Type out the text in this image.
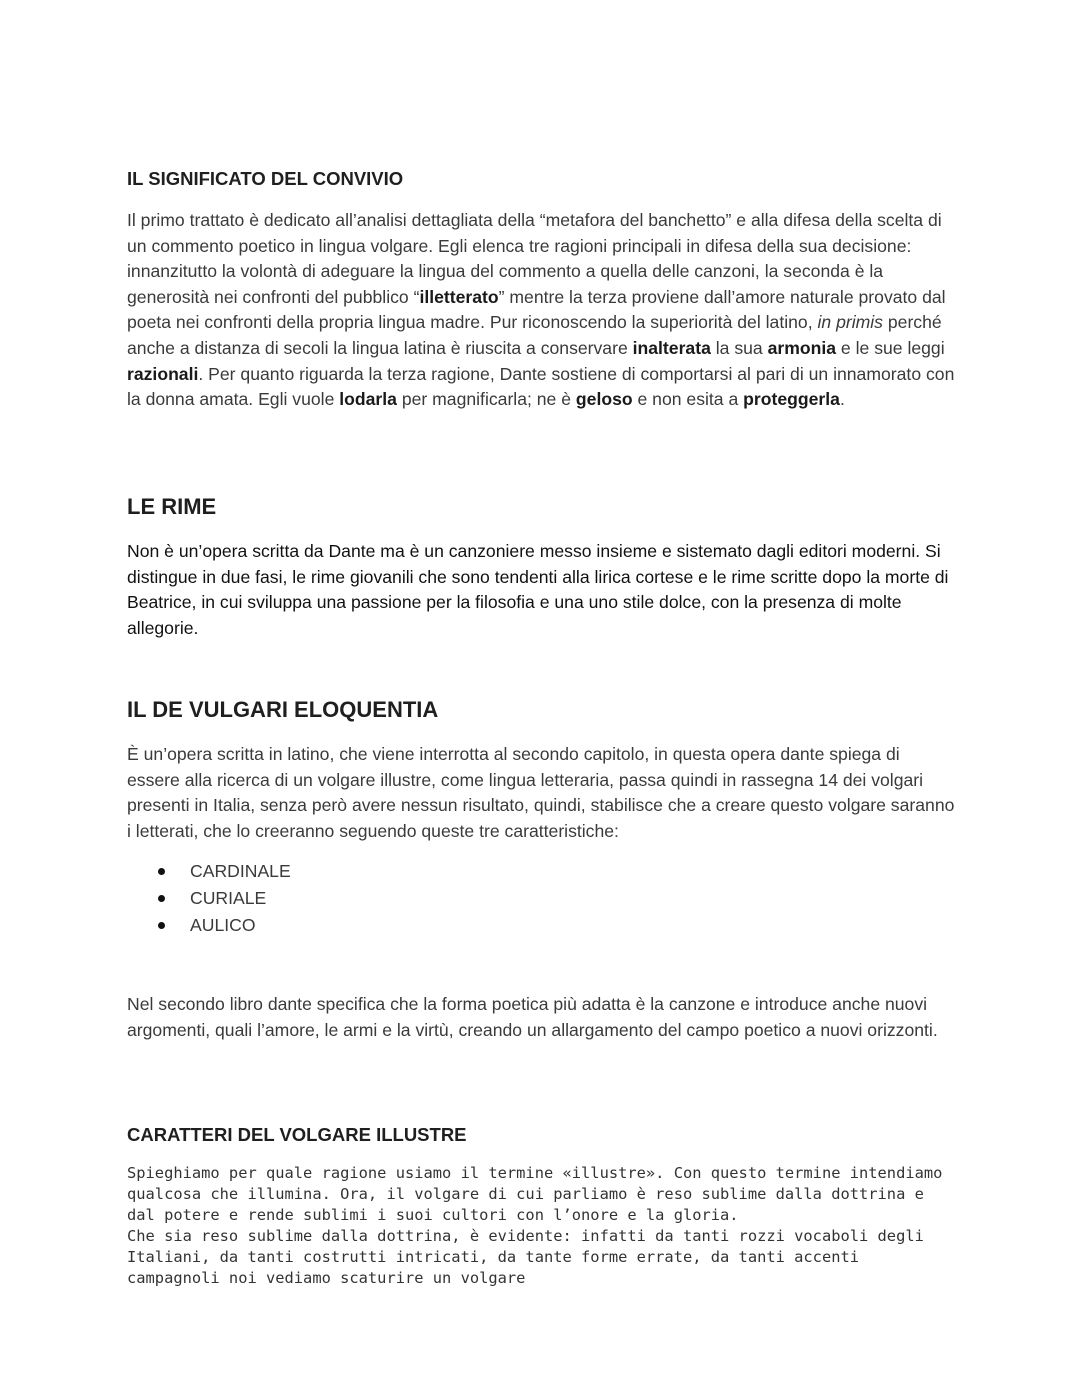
IL SIGNIFICATO DEL CONVIVIO

Il primo trattato è dedicato all’analisi dettagliata della “metafora del banchetto” e alla difesa della scelta di un commento poetico in lingua volgare. Egli elenca tre ragioni principali in difesa della sua decisione: innanzitutto la volontà di adeguare la lingua del commento a quella delle canzoni, la seconda è la generosità nei confronti del pubblico “illetterato” mentre la terza proviene dall’amore naturale provato dal poeta nei confronti della propria lingua madre. Pur riconoscendo la superiorità del latino, in primis perché anche a distanza di secoli la lingua latina è riuscita a conservare inalterata la sua armonia e le sue leggi razionali. Per quanto riguarda la terza ragione, Dante sostiene di comportarsi al pari di un innamorato con la donna amata. Egli vuole lodarla per magnificarla; ne è geloso e non esita a proteggerla.

LE RIME

Non è un’opera scritta da Dante ma è un canzoniere messo insieme e sistemato dagli editori moderni. Si distingue in due fasi, le rime giovanili che sono tendenti alla lirica cortese e le rime scritte dopo la morte di Beatrice, in cui sviluppa una passione per la filosofia e una uno stile dolce, con la presenza di molte allegorie.

IL DE VULGARI ELOQUENTIA

È un’opera scritta in latino, che viene interrotta al secondo capitolo, in questa opera dante spiega di essere alla ricerca di un volgare illustre, come lingua letteraria, passa quindi in rassegna 14 dei volgari presenti in Italia, senza però avere nessun risultato, quindi, stabilisce che a creare questo volgare saranno i letterati, che lo creeranno seguendo queste tre caratteristiche:

CARDINALE
CURIALE
AULICO

Nel secondo libro dante specifica che la forma poetica più adatta è la canzone e introduce anche nuovi argomenti, quali l’amore, le armi e la virtù, creando un allargamento del campo poetico a nuovi orizzonti.

CARATTERI DEL VOLGARE ILLUSTRE

Spieghiamo per quale ragione usiamo il termine «illustre». Con questo termine intendiamo qualcosa che illumina. Ora, il volgare di cui parliamo è reso sublime dalla dottrina e dal potere e rende sublimi i suoi cultori con l’onore e la gloria.

Che sia reso sublime dalla dottrina, è evidente: infatti da tanti rozzi vocaboli degli Italiani, da tanti costrutti intricati, da tante forme errate, da tanti accenti campagnoli noi vediamo scaturire un volgare
